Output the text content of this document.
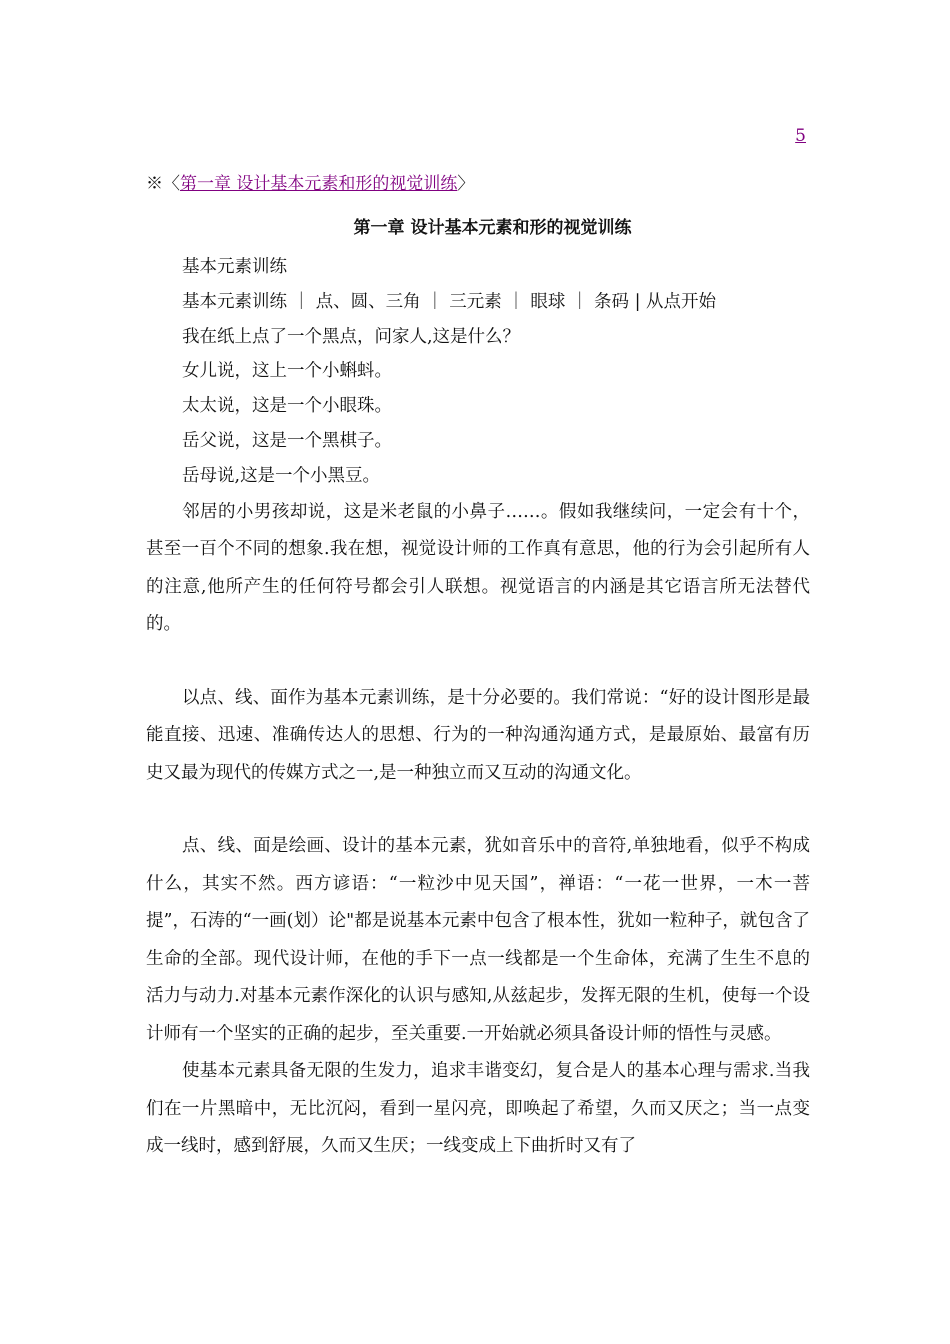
5
※〈第一章 设计基本元素和形的视觉训练〉
第一章 设计基本元素和形的视觉训练
基本元素训练
基本元素训练 ｜ 点、圆、三角 ｜ 三元素 ｜ 眼球 ｜ 条码 | 从点开始
我在纸上点了一个黑点，问家人,这是什么？
女儿说，这上一个小蝌蚪。
太太说，这是一个小眼珠。
岳父说，这是一个黑棋子。
岳母说,这是一个小黑豆。
邻居的小男孩却说，这是米老鼠的小鼻子……。假如我继续问，一定会有十个，甚至一百个不同的想象.我在想，视觉设计师的工作真有意思，他的行为会引起所有人的注意,他所产生的任何符号都会引人联想。视觉语言的内涵是其它语言所无法替代的。
以点、线、面作为基本元素训练，是十分必要的。我们常说：“好的设计图形是最能直接、迅速、准确传达人的思想、行为的一种沟通沟通方式，是最原始、最富有历史又最为现代的传媒方式之一,是一种独立而又互动的沟通文化。
点、线、面是绘画、设计的基本元素，犹如音乐中的音符,单独地看，似乎不构成什么，其实不然。西方谚语：“一粒沙中见天国”，禅语：“一花一世界，一木一菩提”，石涛的“一画(划）论"都是说基本元素中包含了根本性，犹如一粒种子，就包含了生命的全部。现代设计师，在他的手下一点一线都是一个生命体，充满了生生不息的活力与动力.对基本元素作深化的认识与感知,从兹起步，发挥无限的生机，使每一个设计师有一个坚实的正确的起步，至关重要.一开始就必须具备设计师的悟性与灵感。
使基本元素具备无限的生发力，追求丰谐变幻，复合是人的基本心理与需求.当我们在一片黑暗中，无比沉闷，看到一星闪亮，即唤起了希望，久而又厌之；当一点变成一线时，感到舒展，久而又生厌；一线变成上下曲折时又有了
